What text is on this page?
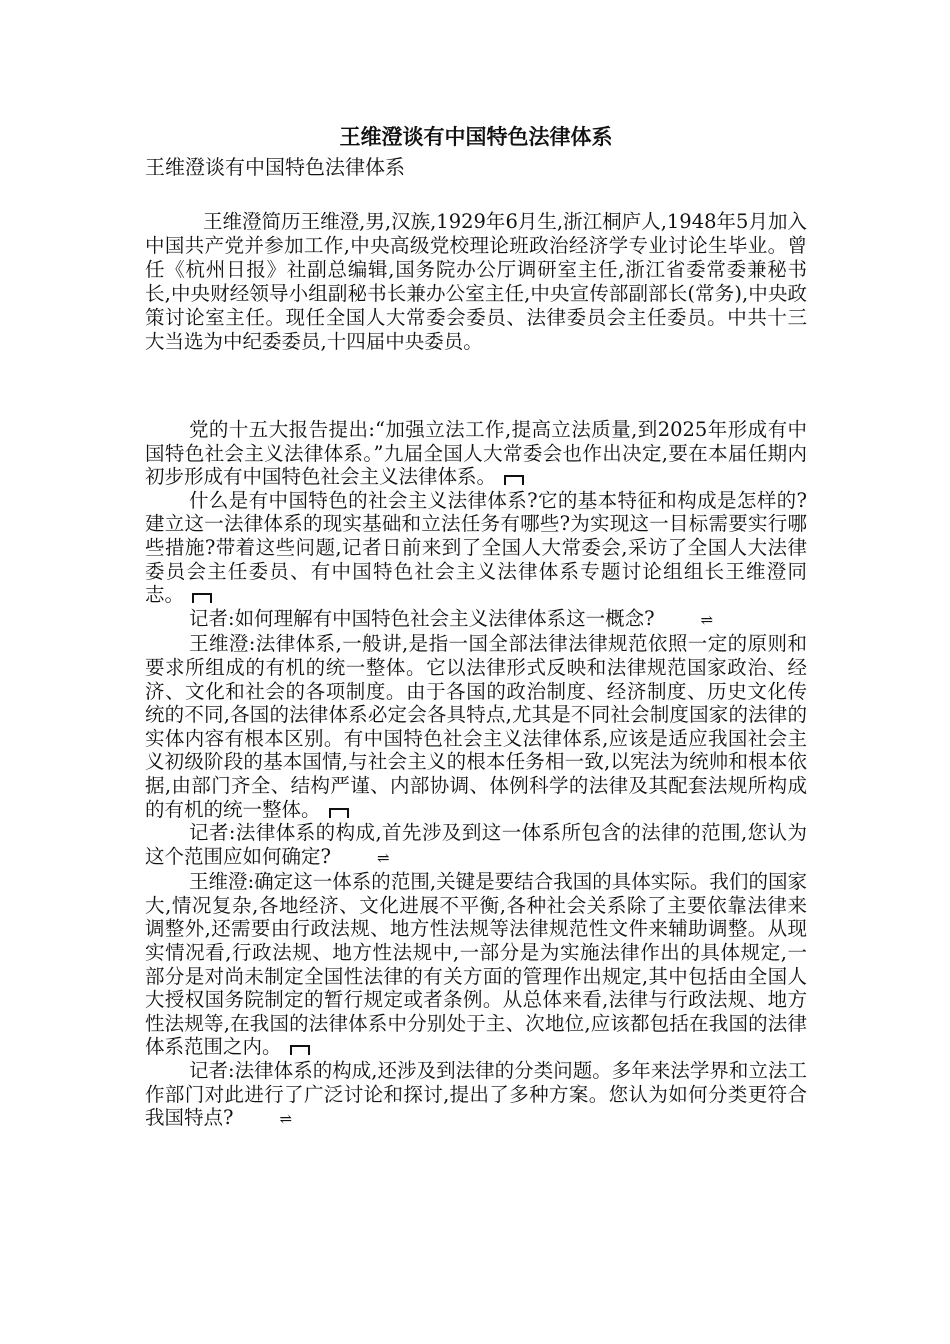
王维澄谈有中国特色法律体系

王维澄谈有中国特色法律体系

王维澄简历王维澄,男,汉族,1929年6月生,浙江桐庐人,1948年5月加入中国共产党并参加工作,中央高级党校理论班政治经济学专业讨论生毕业。曾任《杭州日报》社副总编辑,国务院办公厅调研室主任,浙江省委常委兼秘书长,中央财经领导小组副秘书长兼办公室主任,中央宣传部副部长(常务),中央政策讨论室主任。现任全国人大常委会委员、法律委员会主任委员。中共十三大当选为中纪委委员,十四届中央委员。

党的十五大报告提出:“加强立法工作,提高立法质量,到2025年形成有中国特色社会主义法律体系。”九届全国人大常委会也作出决定,要在本届任期内初步形成有中国特色社会主义法律体系。

什么是有中国特色的社会主义法律体系?它的基本特征和构成是怎样的?建立这一法律体系的现实基础和立法任务有哪些?为实现这一目标需要实行哪些措施?带着这些问题,记者日前来到了全国人大常委会,采访了全国人大法律委员会主任委员、有中国特色社会主义法律体系专题讨论组组长王维澄同志。

记者:如何理解有中国特色社会主义法律体系这一概念?	⇌

王维澄:法律体系,一般讲,是指一国全部法律法律规范依照一定的原则和要求所组成的有机的统一整体。它以法律形式反映和法律规范国家政治、经济、文化和社会的各项制度。由于各国的政治制度、经济制度、历史文化传统的不同,各国的法律体系必定会各具特点,尤其是不同社会制度国家的法律的实体内容有根本区别。有中国特色社会主义法律体系,应该是适应我国社会主义初级阶段的基本国情,与社会主义的根本任务相一致,以宪法为统帅和根本依据,由部门齐全、结构严谨、内部协调、体例科学的法律及其配套法规所构成的有机的统一整体。

记者:法律体系的构成,首先涉及到这一体系所包含的法律的范围,您认为这个范围应如何确定?	⇌

王维澄:确定这一体系的范围,关键是要结合我国的具体实际。我们的国家大,情况复杂,各地经济、文化进展不平衡,各种社会关系除了主要依靠法律来调整外,还需要由行政法规、地方性法规等法律规范性文件来辅助调整。从现实情况看,行政法规、地方性法规中,一部分是为实施法律作出的具体规定,一部分是对尚未制定全国性法律的有关方面的管理作出规定,其中包括由全国人大授权国务院制定的暂行规定或者条例。从总体来看,法律与行政法规、地方性法规等,在我国的法律体系中分别处于主、次地位,应该都包括在我国的法律体系范围之内。

记者:法律体系的构成,还涉及到法律的分类问题。多年来法学界和立法工作部门对此进行了广泛讨论和探讨,提出了多种方案。您认为如何分类更符合我国特点?	⇌
